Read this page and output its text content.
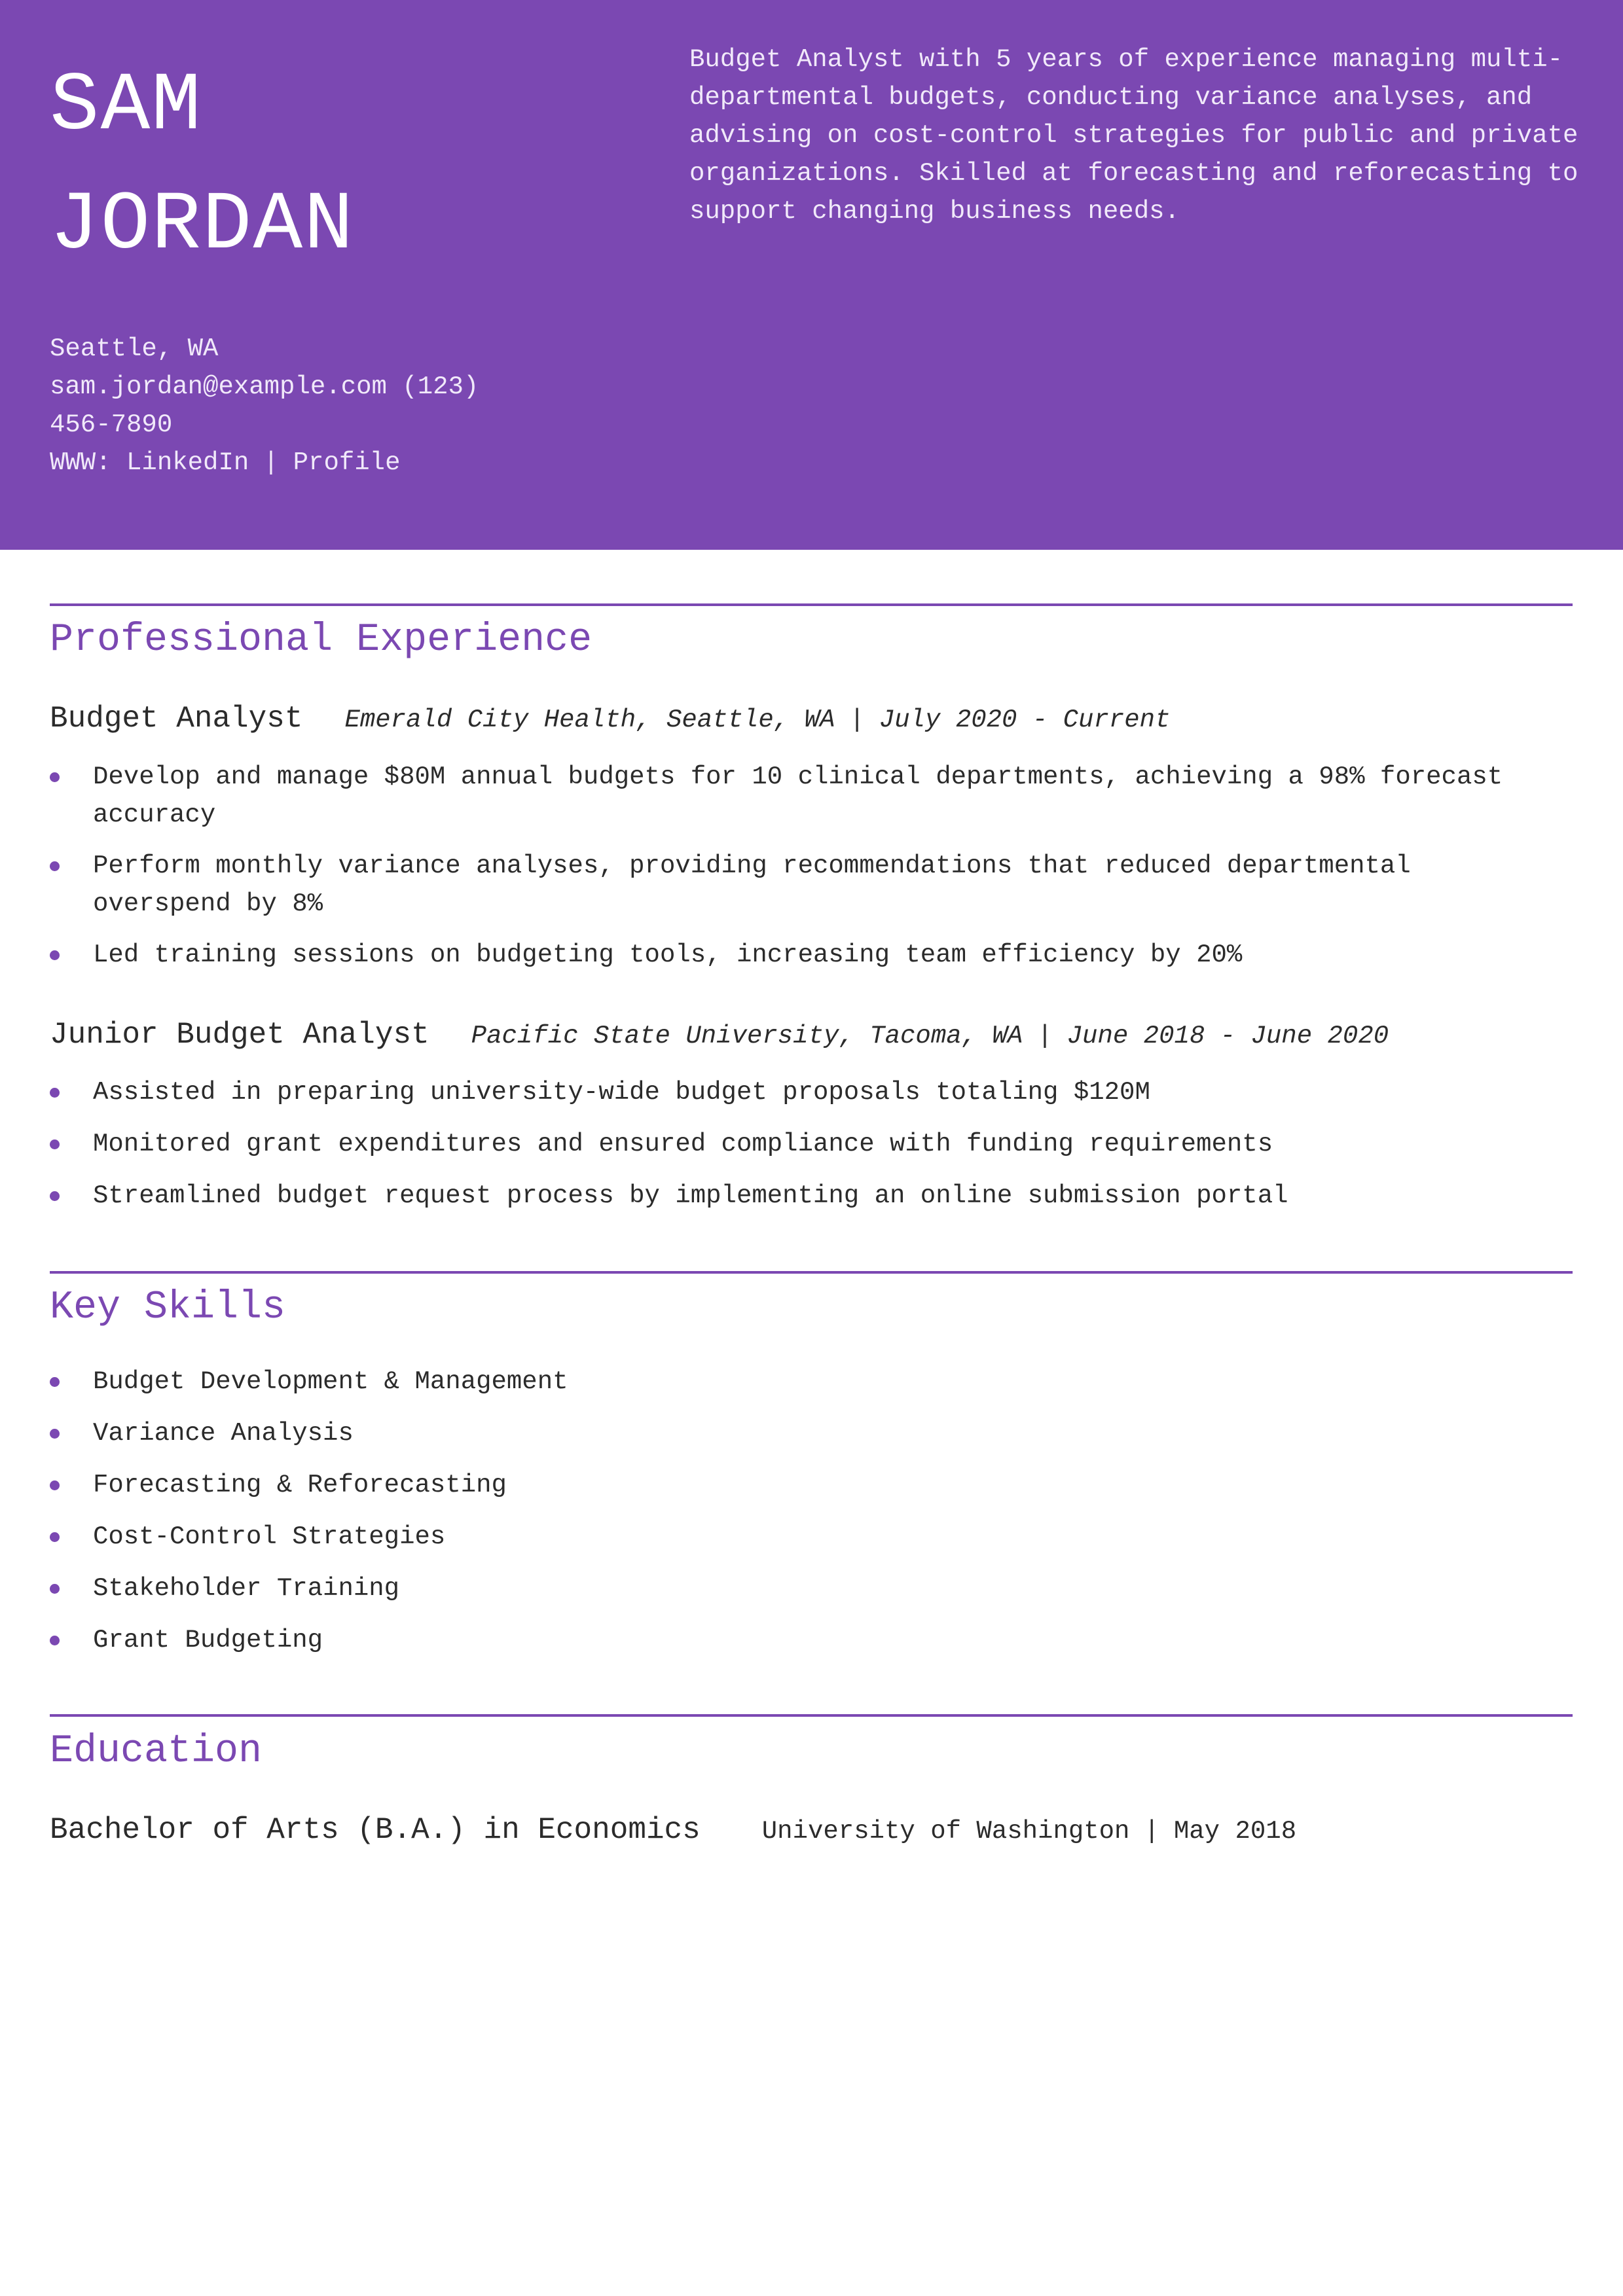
SAM
JORDAN
Budget Analyst with 5 years of experience managing multi-departmental budgets, conducting variance analyses, and advising on cost-control strategies for public and private organizations. Skilled at forecasting and reforecasting to support changing business needs.
Seattle, WA
sam.jordan@example.com (123)
456-7890
WWW: LinkedIn | Profile
Professional Experience
Budget Analyst Emerald City Health, Seattle, WA | July 2020 - Current
Develop and manage $80M annual budgets for 10 clinical departments, achieving a 98% forecast accuracy
Perform monthly variance analyses, providing recommendations that reduced departmental overspend by 8%
Led training sessions on budgeting tools, increasing team efficiency by 20%
Junior Budget Analyst Pacific State University, Tacoma, WA | June 2018 - June 2020
Assisted in preparing university-wide budget proposals totaling $120M
Monitored grant expenditures and ensured compliance with funding requirements
Streamlined budget request process by implementing an online submission portal
Key Skills
Budget Development & Management
Variance Analysis
Forecasting & Reforecasting
Cost-Control Strategies
Stakeholder Training
Grant Budgeting
Education
Bachelor of Arts (B.A.) in Economics University of Washington | May 2018
